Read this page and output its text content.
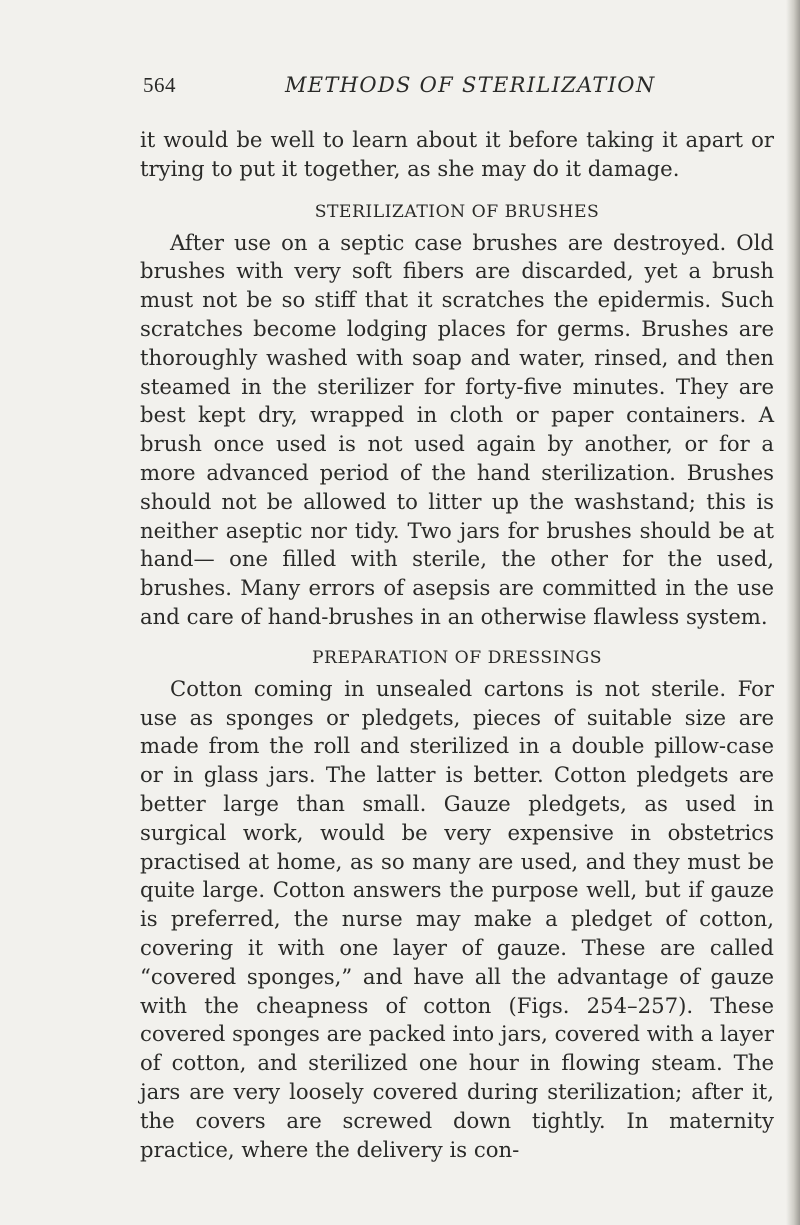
564	METHODS OF STERILIZATION

it would be well to learn about it before taking it apart or trying to put it together, as she may do it damage.

STERILIZATION OF BRUSHES

After use on a septic case brushes are destroyed. Old brushes with very soft fibers are discarded, yet a brush must not be so stiff that it scratches the epidermis. Such scratches become lodging places for germs. Brushes are thoroughly washed with soap and water, rinsed, and then steamed in the sterilizer for forty-five minutes. They are best kept dry, wrapped in cloth or paper containers. A brush once used is not used again by another, or for a more advanced period of the hand sterilization. Brushes should not be allowed to litter up the washstand; this is neither aseptic nor tidy. Two jars for brushes should be at hand— one filled with sterile, the other for the used, brushes. Many errors of asepsis are committed in the use and care of hand-brushes in an otherwise flawless system.

PREPARATION OF DRESSINGS

Cotton coming in unsealed cartons is not sterile. For use as sponges or pledgets, pieces of suitable size are made from the roll and sterilized in a double pillow-case or in glass jars. The latter is better. Cotton pledgets are better large than small. Gauze pledgets, as used in surgical work, would be very expensive in obstetrics practised at home, as so many are used, and they must be quite large. Cotton answers the purpose well, but if gauze is preferred, the nurse may make a pledget of cotton, covering it with one layer of gauze. These are called “covered sponges,” and have all the advantage of gauze with the cheapness of cotton (Figs. 254–257). These covered sponges are packed into jars, covered with a layer of cotton, and sterilized one hour in flowing steam. The jars are very loosely covered during sterilization; after it, the covers are screwed down tightly. In maternity practice, where the delivery is con-
